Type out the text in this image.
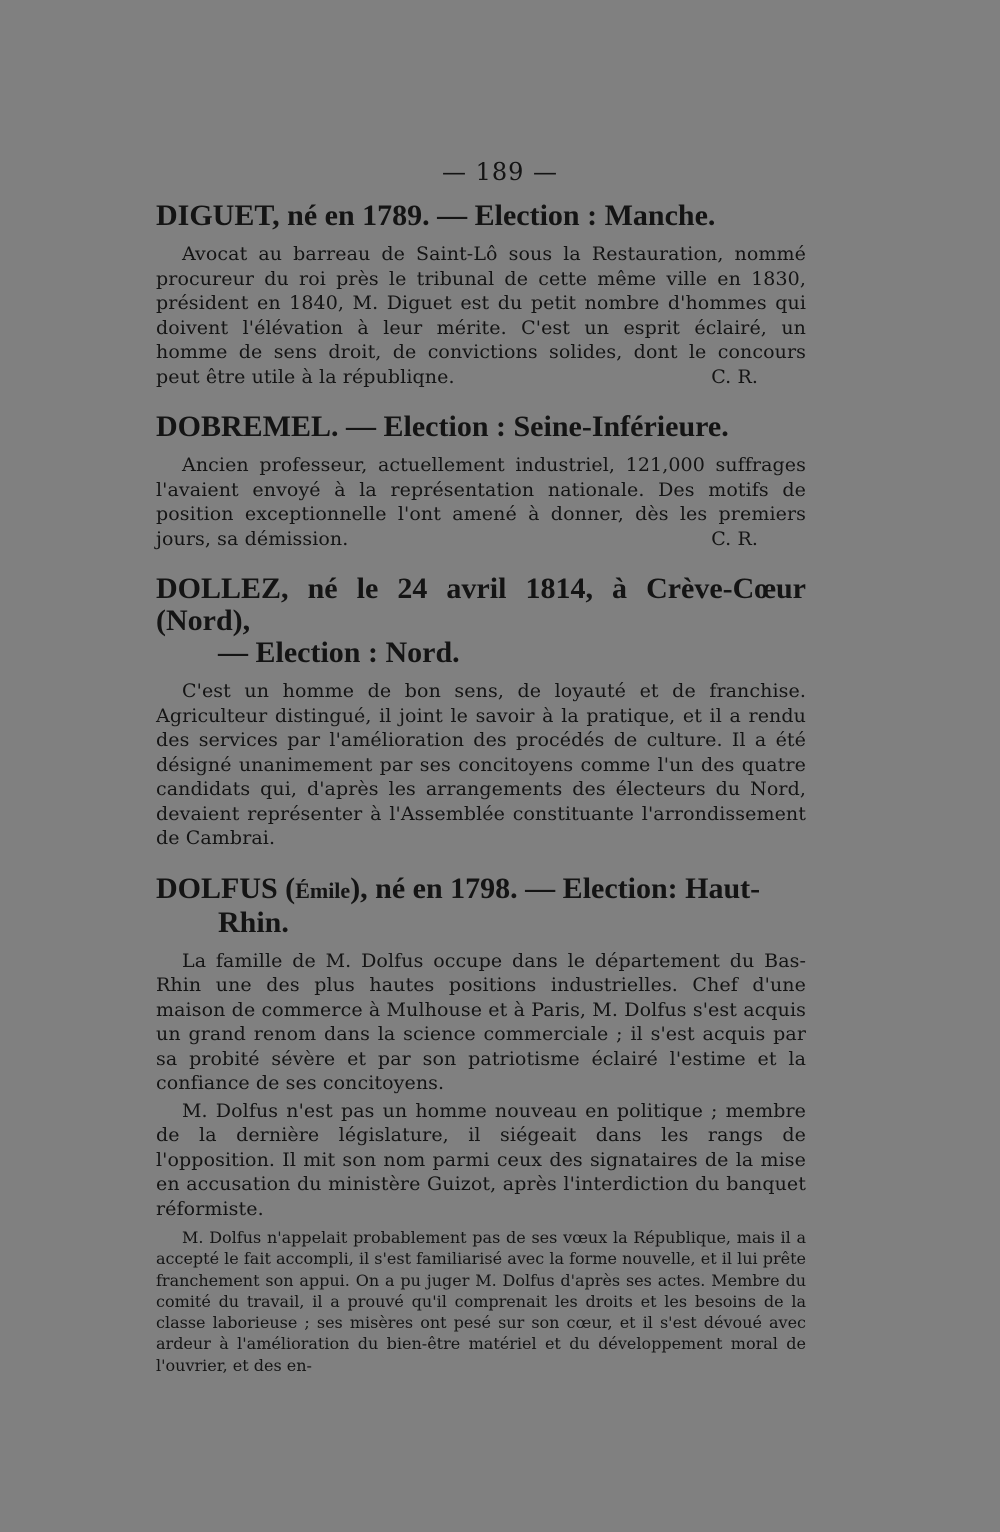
— 189 —
DIGUET, né en 1789. — Election : Manche.

Avocat au barreau de Saint-Lô sous la Restauration, nommé procureur du roi près le tribunal de cette même ville en 1830, président en 1840, M. Diguet est du petit nombre d'hommes qui doivent l'élévation à leur mérite. C'est un esprit éclairé, un homme de sens droit, de convictions solides, dont le concours peut être utile à la républiqne.	C. R.

DOBREMEL. — Election : Seine-Inférieure.

Ancien professeur, actuellement industriel, 121,000 suffrages l'avaient envoyé à la représentation nationale. Des motifs de position exceptionnelle l'ont amené à donner, dès les premiers jours, sa démission.	C. R.

DOLLEZ, né le 24 avril 1814, à Crève-Cœur (Nord),
— Election : Nord.

C'est un homme de bon sens, de loyauté et de franchise. Agriculteur distingué, il joint le savoir à la pratique, et il a rendu des services par l'amélioration des procédés de culture. Il a été désigné unanimement par ses concitoyens comme l'un des quatre candidats qui, d'après les arrangements des électeurs du Nord, devaient représenter à l'Assemblée constituante l'arrondissement de Cambrai.

DOLFUS (Émile), né en 1798. — Election: Haut-
Rhin.

La famille de M. Dolfus occupe dans le département du Bas-Rhin une des plus hautes positions industrielles. Chef d'une maison de commerce à Mulhouse et à Paris, M. Dolfus s'est acquis un grand renom dans la science commerciale ; il s'est acquis par sa probité sévère et par son patriotisme éclairé l'estime et la confiance de ses concitoyens.

M. Dolfus n'est pas un homme nouveau en politique ; membre de la dernière législature, il siégeait dans les rangs de l'opposition. Il mit son nom parmi ceux des signataires de la mise en accusation du ministère Guizot, après l'interdiction du banquet réformiste.

M. Dolfus n'appelait probablement pas de ses vœux la République, mais il a accepté le fait accompli, il s'est familiarisé avec la forme nouvelle, et il lui prête franchement son appui. On a pu juger M. Dolfus d'après ses actes. Membre du comité du travail, il a prouvé qu'il comprenait les droits et les besoins de la classe laborieuse ; ses misères ont pesé sur son cœur, et il s'est dévoué avec ardeur à l'amélioration du bien-être matériel et du développement moral de l'ouvrier, et des en-
